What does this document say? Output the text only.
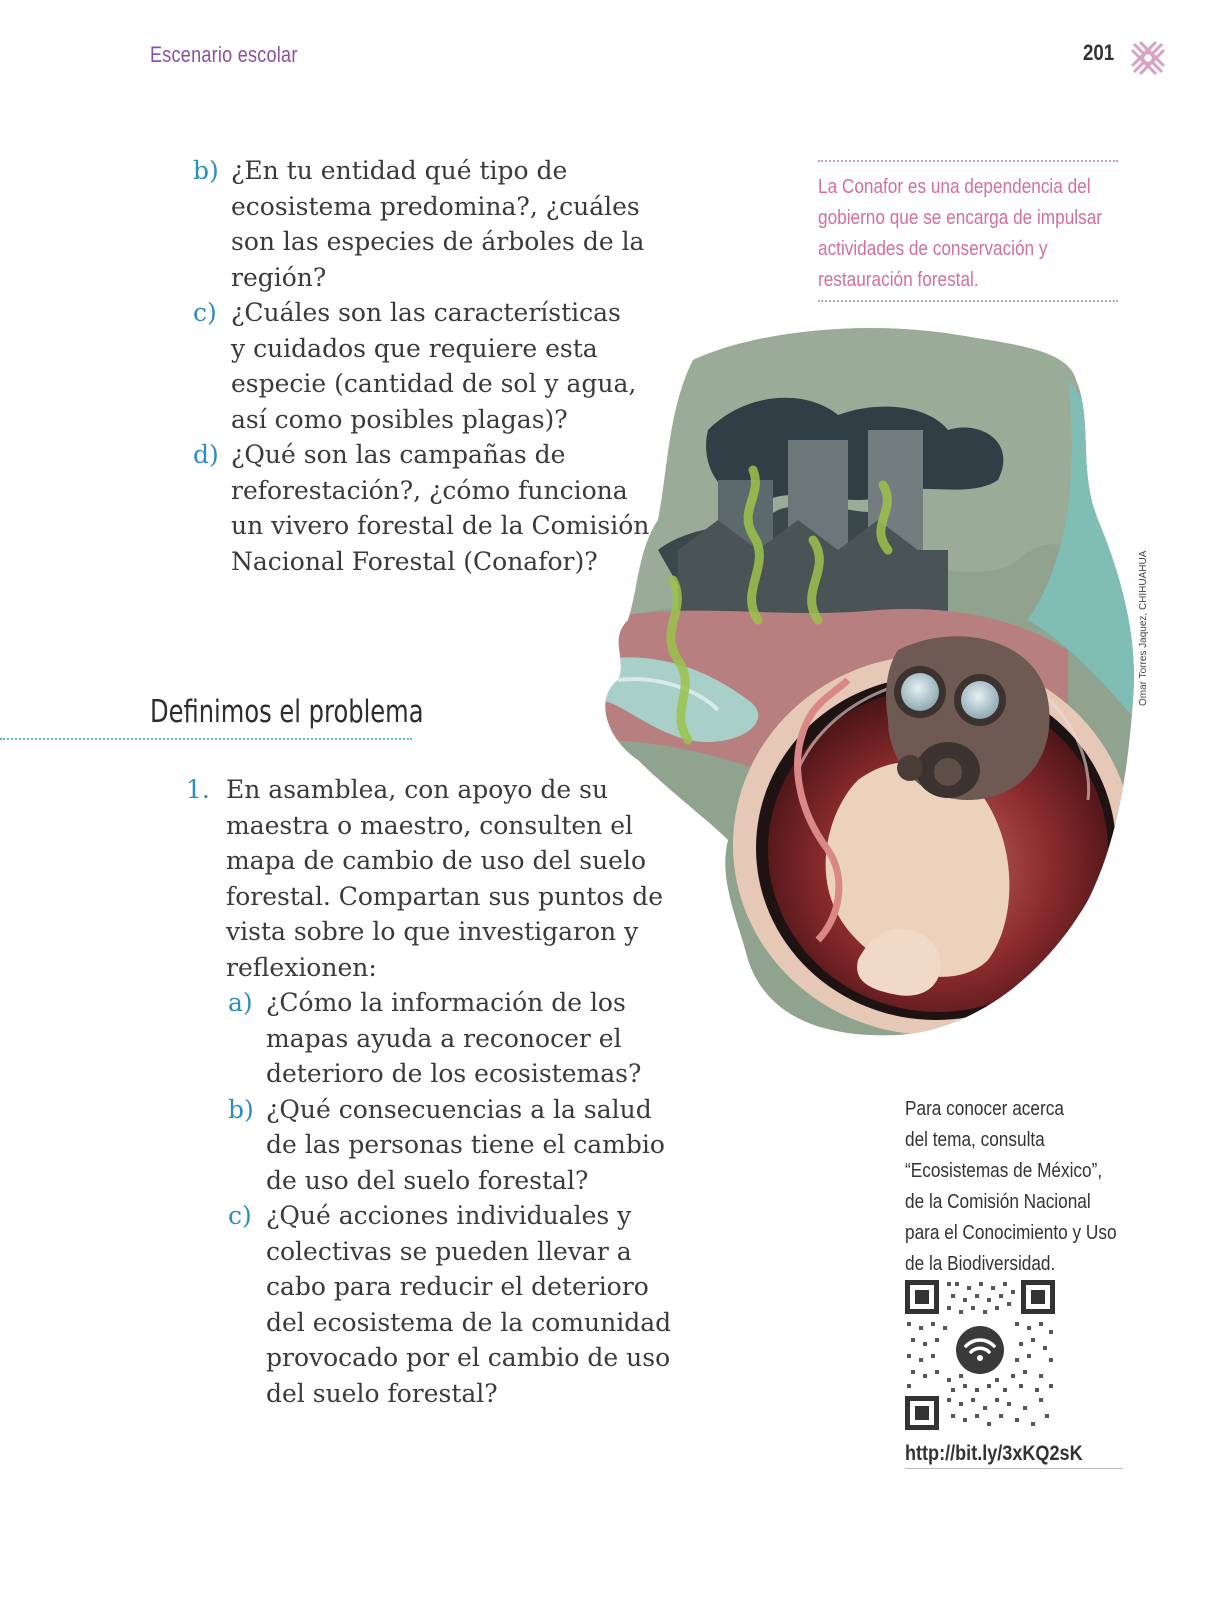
Escenario escolar	201
b) ¿En tu entidad qué tipo de
ecosistema predomina?, ¿cuáles
son las especies de árboles de la
región?
c) ¿Cuáles son las características
y cuidados que requiere esta
especie (cantidad de sol y agua,
así como posibles plagas)?
d) ¿Qué son las campañas de
reforestación?, ¿cómo funciona
un vivero forestal de la Comisión
Nacional Forestal (Conafor)?
La Conafor es una dependencia del
gobierno que se encarga de impulsar
actividades de conservación y
restauración forestal.
Definimos el problema
1. En asamblea, con apoyo de su
maestra o maestro, consulten el
mapa de cambio de uso del suelo
forestal. Compartan sus puntos de
vista sobre lo que investigaron y
reflexionen:
a) ¿Cómo la información de los
mapas ayuda a reconocer el
deterioro de los ecosistemas?
b) ¿Qué consecuencias a la salud
de las personas tiene el cambio
de uso del suelo forestal?
c) ¿Qué acciones individuales y
colectivas se pueden llevar a
cabo para reducir el deterioro
del ecosistema de la comunidad
provocado por el cambio de uso
del suelo forestal?
Omar Torres Jaquez, CHIHUAHUA
Para conocer acerca
del tema, consulta
“Ecosistemas de México”,
de la Comisión Nacional
para el Conocimiento y Uso
de la Biodiversidad.
http://bit.ly/3xKQ2sK
